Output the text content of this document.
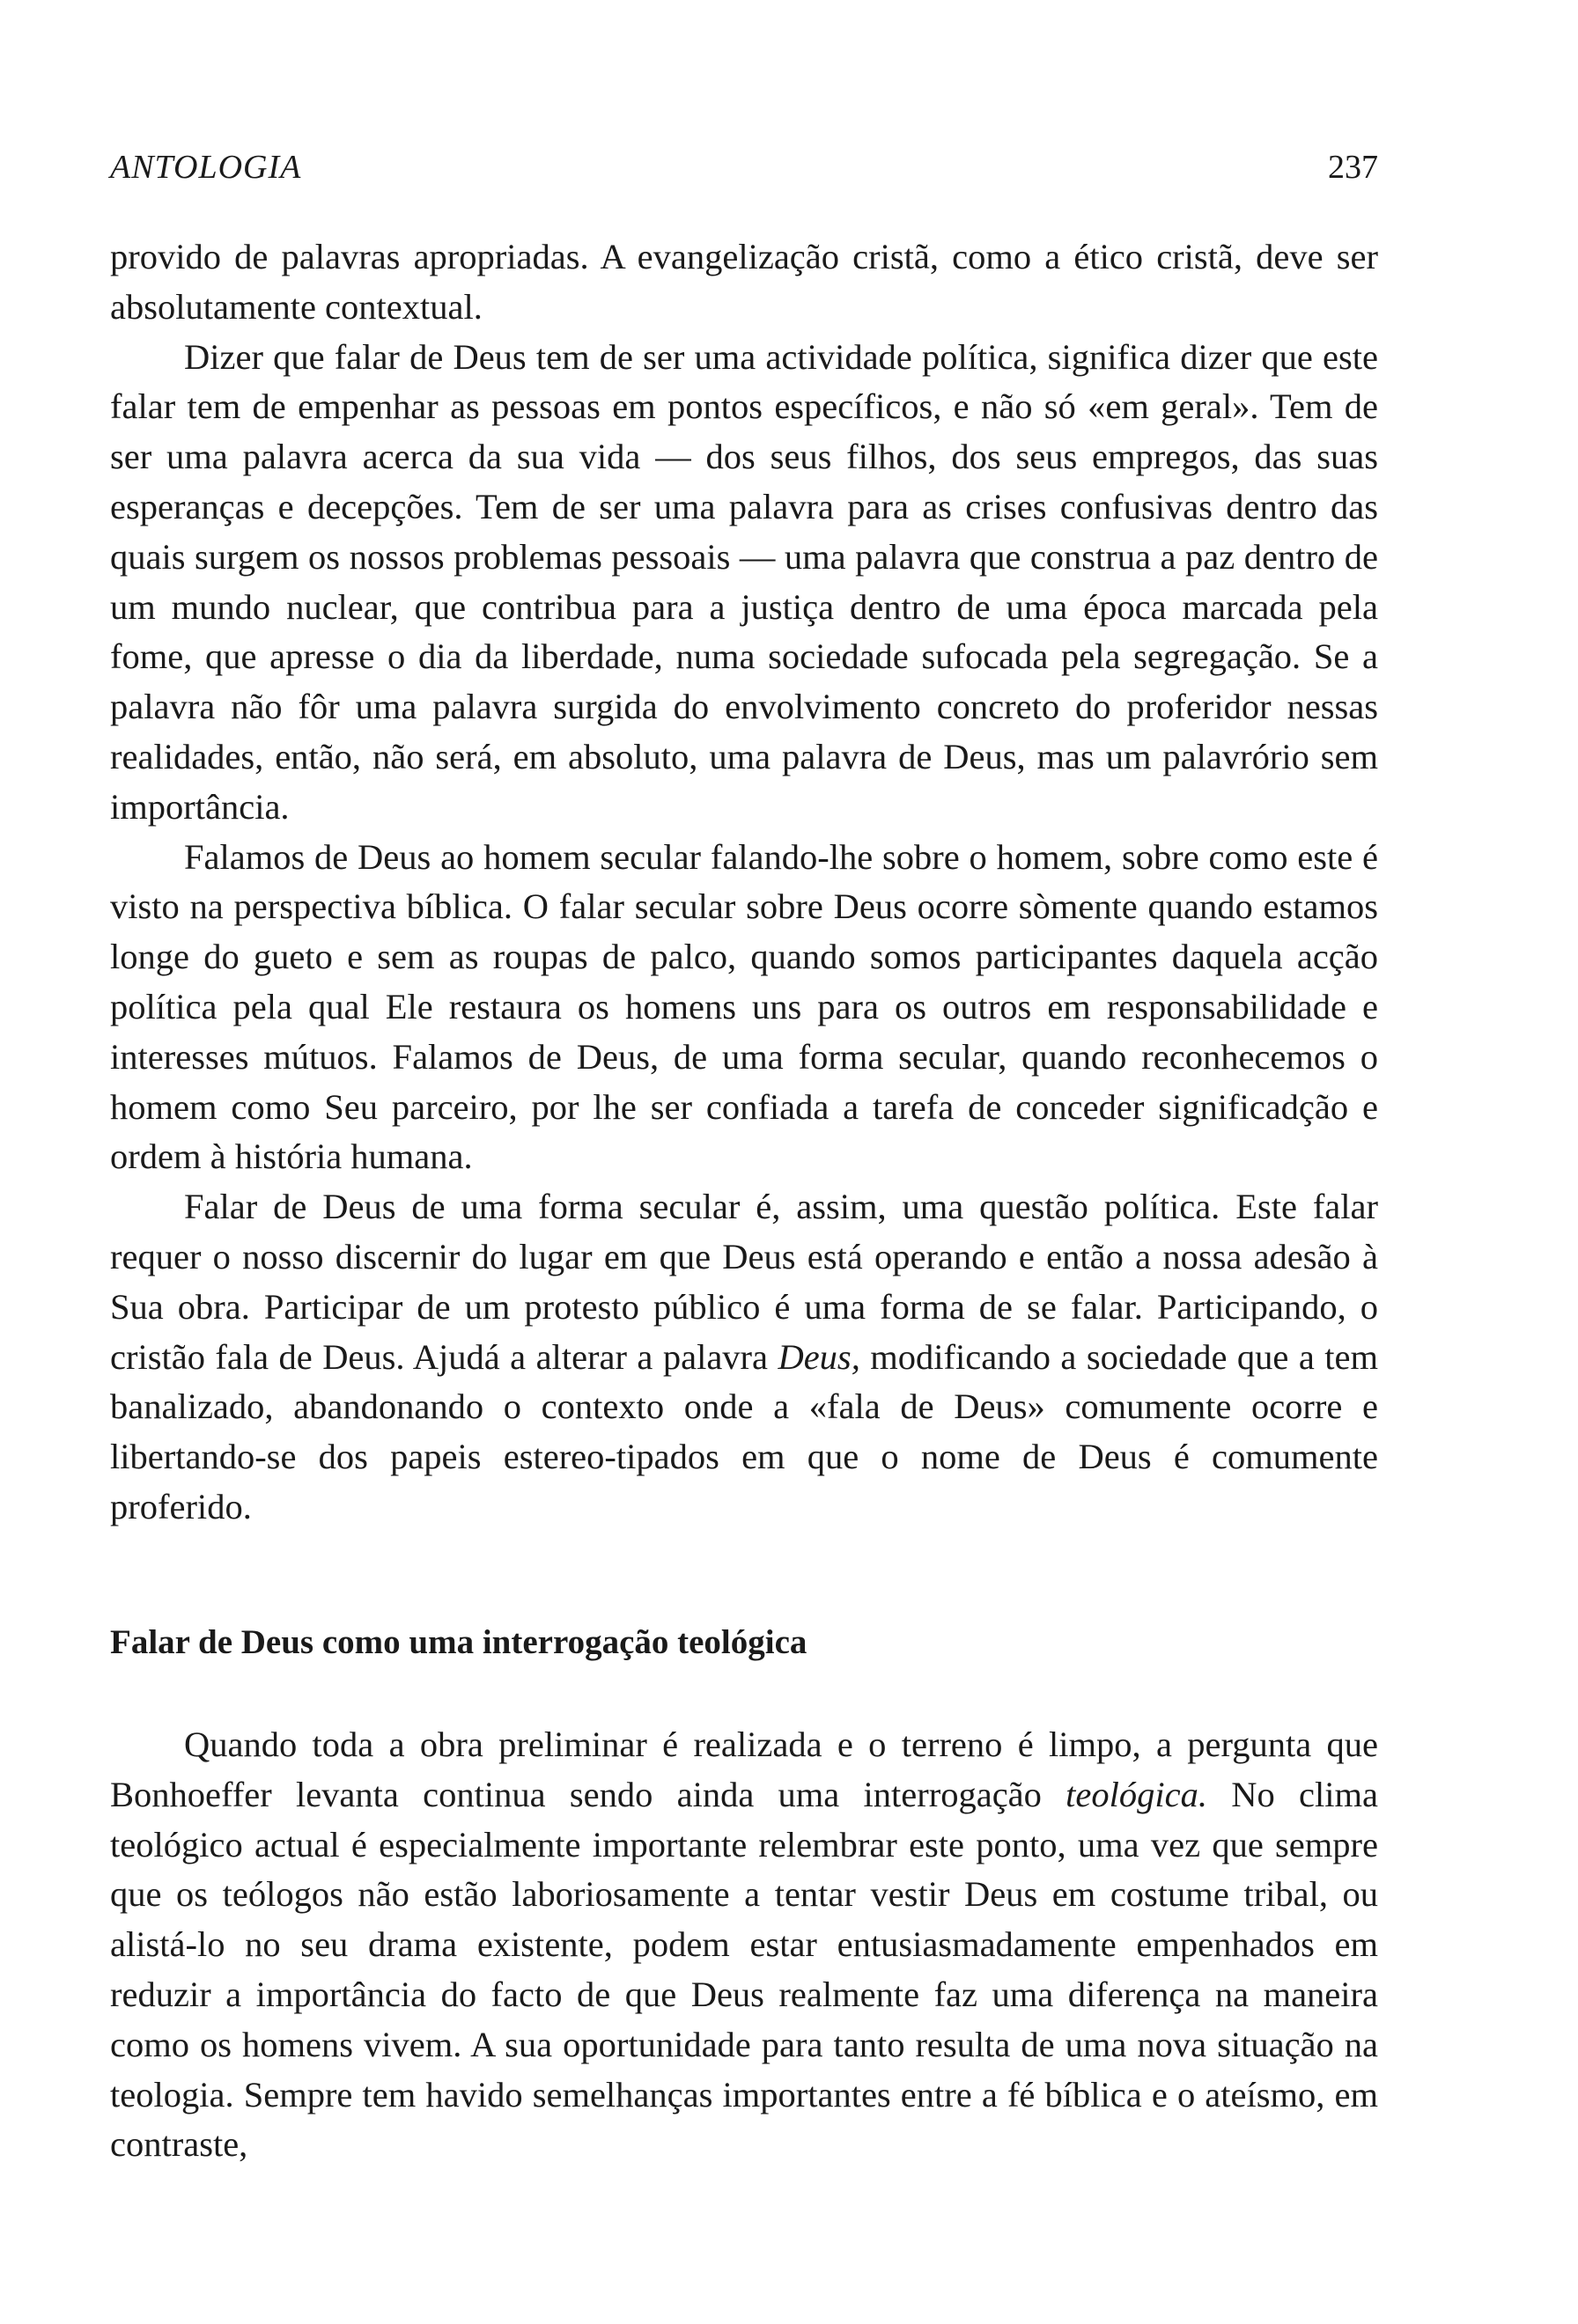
ANTOLOGIA	237

provido de palavras apropriadas. A evangelização cristã, como a ético cristã, deve ser absolutamente contextual.

Dizer que falar de Deus tem de ser uma actividade política, significa dizer que este falar tem de empenhar as pessoas em pontos específicos, e não só «em geral». Tem de ser uma palavra acerca da sua vida — dos seus filhos, dos seus empregos, das suas esperanças e decepções. Tem de ser uma palavra para as crises confusivas dentro das quais surgem os nossos problemas pessoais — uma palavra que construa a paz dentro de um mundo nuclear, que contribua para a justiça dentro de uma época marcada pela fome, que apresse o dia da liberdade, numa sociedade sufocada pela segregação. Se a palavra não fôr uma palavra surgida do envolvimento concreto do proferidor nessas realidades, então, não será, em absoluto, uma palavra de Deus, mas um palavrório sem importância.

Falamos de Deus ao homem secular falando-lhe sobre o homem, sobre como este é visto na perspectiva bíblica. O falar secular sobre Deus ocorre sòmente quando estamos longe do gueto e sem as roupas de palco, quando somos participantes daquela acção política pela qual Ele restaura os homens uns para os outros em responsabilidade e interesses mútuos. Falamos de Deus, de uma forma secular, quando reconhecemos o homem como Seu parceiro, por lhe ser confiada a tarefa de conceder significadção e ordem à história humana.

Falar de Deus de uma forma secular é, assim, uma questão política. Este falar requer o nosso discernir do lugar em que Deus está operando e então a nossa adesão à Sua obra. Participar de um protesto público é uma forma de se falar. Participando, o cristão fala de Deus. Ajudá a alterar a palavra Deus, modificando a sociedade que a tem banalizado, abandonando o contexto onde a «fala de Deus» comumente ocorre e libertando-se dos papeis estereo-tipados em que o nome de Deus é comumente proferido.

Falar de Deus como uma interrogação teológica

Quando toda a obra preliminar é realizada e o terreno é limpo, a pergunta que Bonhoeffer levanta continua sendo ainda uma interrogação teológica. No clima teológico actual é especialmente importante relembrar este ponto, uma vez que sempre que os teólogos não estão laboriosamente a tentar vestir Deus em costume tribal, ou alistá-lo no seu drama existente, podem estar entusiasmadamente empenhados em reduzir a importância do facto de que Deus realmente faz uma diferença na maneira como os homens vivem. A sua oportunidade para tanto resulta de uma nova situação na teologia. Sempre tem havido semelhanças importantes entre a fé bíblica e o ateísmo, em contraste,
